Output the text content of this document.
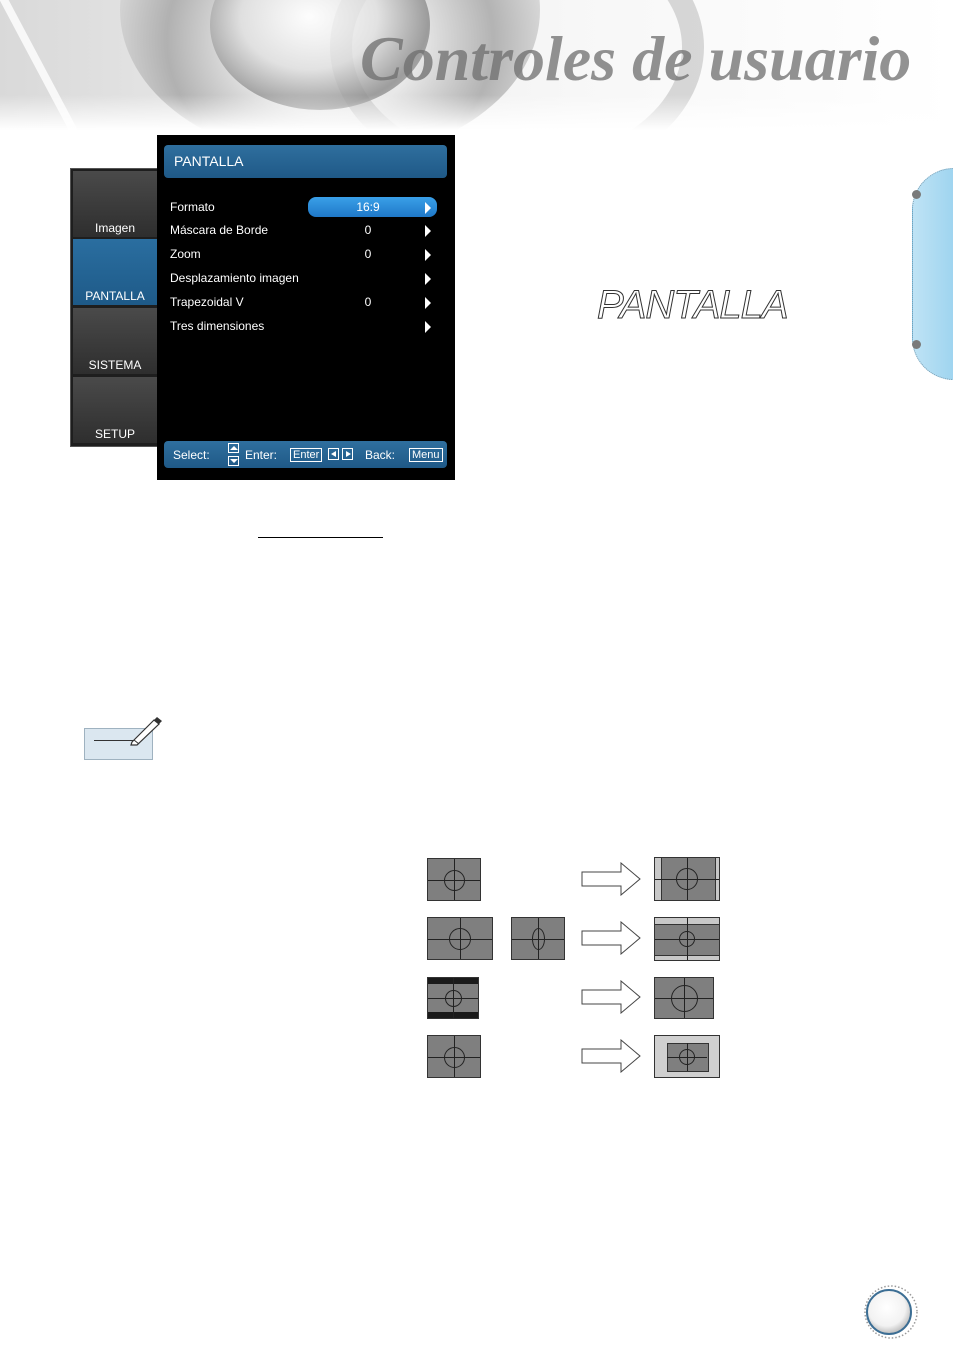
Controles de usuario
Imagen
PANTALLA
SISTEMA
SETUP
PANTALLA
Formato	16:9
Máscara de Borde	0
Zoom	0
Desplazamiento imagen
Trapezoidal V	0
Tres dimensiones
Select:	Enter: Enter	Back: Menu
PANTALLA
